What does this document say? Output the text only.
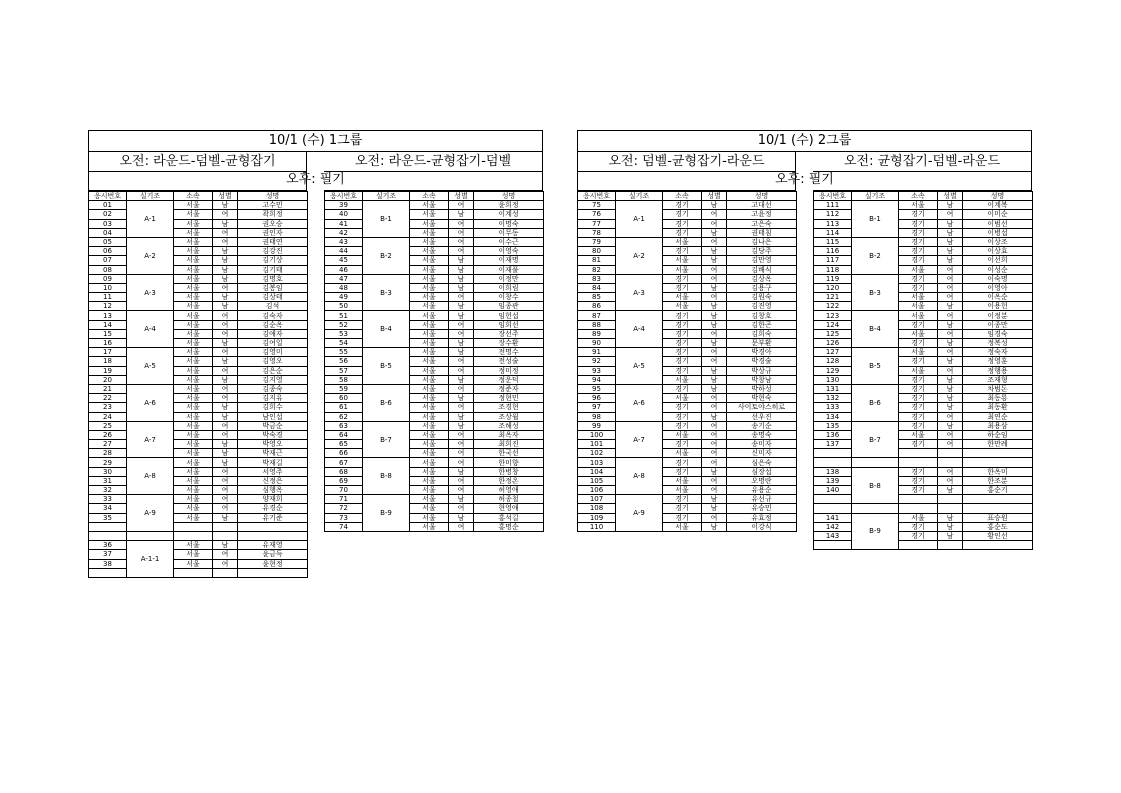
10/1 (수) 1그룹
오전: 라운드-덤벨-균형잡기	오전: 라운드-균형잡기-덤벨
오후: 필기
응시번호	실기조	소속	성별	성명
01	A-1	서울	남	고수민
02		서울	여	곽희정
03		서울	남	권오승
04		서울	여	권인자
05	A-2	서울	여	권태연
06		서울	남	김강진
07		서울	남	김기상
08		서울	남	김기태
09	A-3	서울	남	김명호
10		서울	여	김봉임
11		서울	남	김상태
12		서울	남	김석
13	A-4	서울	여	김숙자
14		서울	여	김순옥
15		서울	여	김애자
16		서울	남	김여일
17	A-5	서울	여	김영미
18		서울	남	김영오
19		서울	여	김은순
20		서울	남	김지영
21	A-6	서울	여	김종숙
22		서울	여	김지유
23		서울	남	김희수
24		서울	남	남인섭
25	A-7	서울	여	박금순
26		서울	여	박숙경
27		서울	남	박영오
28		서울	남	박재근
29	A-8	서울	남	박재길
30		서울	여	서영주
31		서울	여	신정은
32		서울	여	심행옥
33	A-9	서울	여	양재희
34		서울	여	유경순
35		서울	남	유기준

36	A-1-1	서울	남	유재영
37		서울	여	윤금득
38		서울	여	윤현정

응시번호	실기조	소속	성별	성명
39	B-1	서울	여	윤희정
40		서울	남	이계성
41		서울	여	이명숙
42		서울	여	이무동
43	B-2	서울	여	이수근
44		서울	여	이영숙
45		서울	남	이재명
46		서울	남	이재풀
47	B-3	서울	남	이정만
48		서울	남	이희림
49		서울	여	이창수
50		서울	남	임종관
51	B-4	서울	남	임헌섭
52		서울	여	임희선
53		서울	여	장선주
54		서울	남	장수환
55	B-5	서울	남	전명수
56		서울	여	전성술
57		서울	여	정미정
58		서울	남	정운덕
59	B-6	서울	여	정준자
60		서울	남	정현민
61		서울	여	조경현
62		서울	남	조상월
63	B-7	서울	남	조해성
64		서울	여	최옥자
65		서울	여	최희진
66		서울	여	한국선
67	B-8	서울	여	한미향
68		서울	남	한병창
69		서울	여	한정온
70		서울	여	허영애
71	B-9	서울	남	허종철
72		서울	여	현영애
73		서울	남	홍석길
74		서울	여	홍명순
10/1 (수) 2그룹
오전: 덤벨-균형잡기-라운드	오전: 균형잡기-덤벨-라운드
오후: 필기
응시번호	실기조	소속	성별	성명
75	A-1	경기	남	고대선
76		경기	여	고윤정
77		경기	여	고은숙
78		경기	남	권태침
79	A-2	서울	여	김나은
80		경기	남	김당주
81		서울	남	김만영
82		서울	여	김배식
83	A-3	경기	여	김상옥
84		경기	남	김용구
85		서울	여	김원숙
86		서울	남	김진영
87	A-4	경기	남	김창호
88		경기	남	김한곤
89		경기	여	김희숙
90		경기	남	문부환
91	A-5	경기	여	박경아
92		경기	여	박경술
93		경기	남	박상규
94		서울	남	박창남
95	A-6	경기	남	박하성
96		서울	여	박현숙
97		경기	여	사이토야스히로
98		경기	남	선우진
99	A-7	경기	여	송기순
100		서울	여	송명숙
101		경기	여	송미자
102		서울	여	신미자
103	A-8	경기	여	심은숙
104		경기	남	심장섭
105		서울	여	오명란
106		서울	여	유용순
107	A-9	경기	남	유선규
108		경기	남	유승민
109		경기	여	유효정
110		서울	남	이강식
응시번호	실기조	소속	성별	성명
111	B-1	서울	남	이계복
112		경기	여	이미순
113		경기	남	이범선
114		경기	남	이병섭
115	B-2	경기	남	이상조
116		경기	남	이상효
117		경기	남	이선희
118		서울	여	이성순
119	B-3	경기	여	이숙명
120		경기	여	이영아
121		서울	여	이옥순
122		서울	남	이용헌
123	B-4	서울	여	이정분
124		경기	남	이종만
125		서울	여	임경숙
126		경기	남	정복성
127	B-5	서울	여	정숙자
128		경기	남	정영훈
129		서울	여	정행용
130		경기	남	조재형
131	B-6	경기	남	차범돈
132		경기	남	최동룡
133		경기	남	최동환
134		경기	여	최연순
135	B-7	경기	남	최용삼
136		서울	여	하순임
137		경기	여	한만례

138	B-8	경기	여	한옥미
139		경기	여	한조분
140		경기	남	홍순기

141	B-9	서울	남	표승원
142		경기	남	홍순도
143		경기	남	황인선
